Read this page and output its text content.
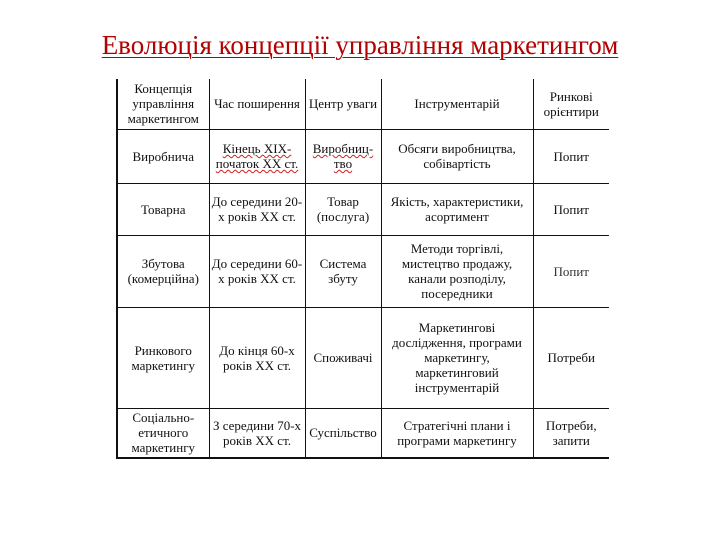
Еволюція концепції управління маркетингом
Концепція управління маркетингом	Час поширення	Центр уваги	Інструментарій	Ринкові орієнтири

Виробнича	Кінець ХІХ-початок ХХ ст.	Виробниц-тво	Обсяги виробництва, собівартість	Попит

Товарна	До середини 20-х років ХХ ст.	Товар (послуга)	Якість, характеристики, асортимент	Попит

Збутова (комерційна)	До середини 60-х років ХХ ст.	Система збуту	Методи торгівлі, мистецтво продажу, канали розподілу, посередники	Попит

Ринкового маркетингу	До кінця 60-х років ХХ ст.	Споживачі	Маркетингові дослідження, програми маркетингу, маркетинговий інструментарій	Потреби

Соціально-етичного маркетингу	З середини 70-х років ХХ ст.	Суспільство	Стратегічні плани і програми маркетингу	Потреби, запити
